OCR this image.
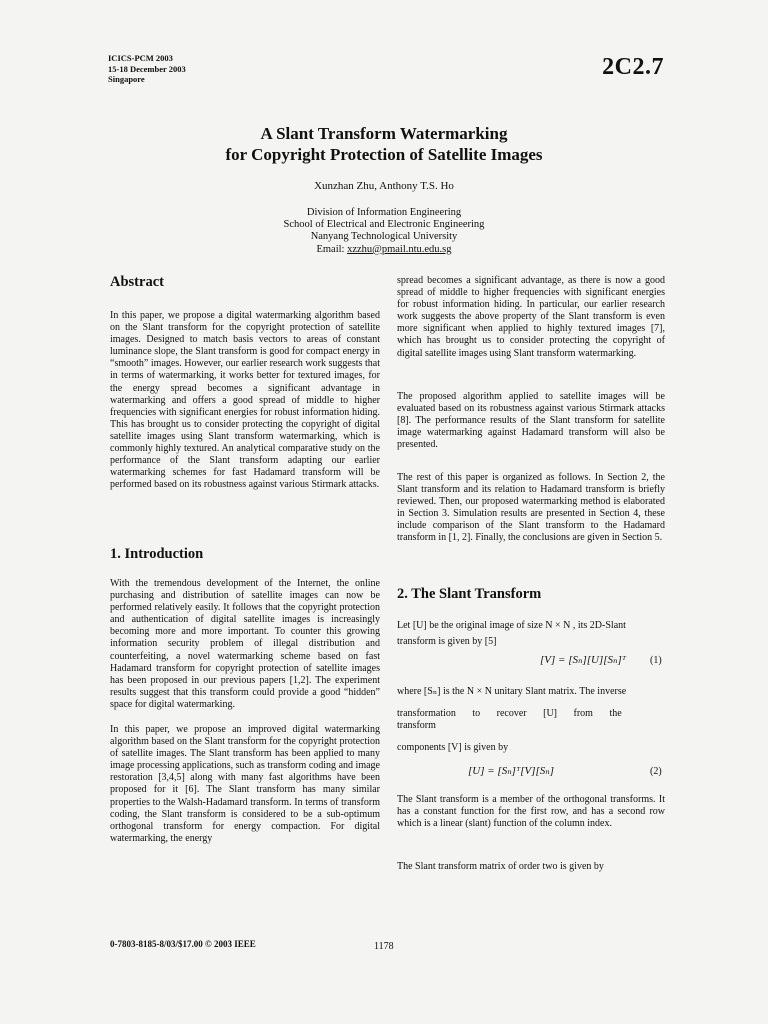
ICICS-PCM 2003
15-18 December 2003
Singapore	2C2.7
A Slant Transform Watermarking
for Copyright Protection of Satellite Images
Xunzhan Zhu, Anthony T.S. Ho
Division of Information Engineering
School of Electrical and Electronic Engineering
Nanyang Technological University
Email: xzzhu@pmail.ntu.edu.sg
Abstract

In this paper, we propose a digital watermarking algorithm based on the Slant transform for the copyright protection of satellite images. Designed to match basis vectors to areas of constant luminance slope, the Slant transform is good for compact energy in “smooth” images. However, our earlier research work suggests that in terms of watermarking, it works better for textured images, for the energy spread becomes a significant advantage in watermarking and offers a good spread of middle to higher frequencies with significant energies for robust information hiding. This has brought us to consider protecting the copyright of digital satellite images using Slant transform watermarking, which is commonly highly textured. An analytical comparative study on the performance of the Slant transform adapting our earlier watermarking schemes for fast Hadamard transform will be performed based on its robustness against various Stirmark attacks.

1. Introduction

With the tremendous development of the Internet, the online purchasing and distribution of satellite images can now be performed relatively easily. It follows that the copyright protection and authentication of digital satellite images is increasingly becoming more and more important. To counter this growing information security problem of illegal distribution and counterfeiting, a novel watermarking scheme based on fast Hadamard transform for copyright protection of satellite images has been proposed in our previous papers [1,2]. The experiment results suggest that this transform could provide a good “hidden” space for digital watermarking.

In this paper, we propose an improved digital watermarking algorithm based on the Slant transform for the copyright protection of satellite images. The Slant transform has been applied to many image processing applications, such as transform coding and image restoration [3,4,5] along with many fast algorithms have been proposed for it [6]. The Slant transform has many similar properties to the Walsh-Hadamard transform. In terms of transform coding, the Slant transform is considered to be a sub-optimum orthogonal transform for energy compaction. For digital watermarking, the energy

spread becomes a significant advantage, as there is now a good spread of middle to higher frequencies with significant energies for robust information hiding. In particular, our earlier research work suggests the above property of the Slant transform is even more significant when applied to highly textured images [7], which has brought us to consider protecting the copyright of digital satellite images using Slant transform watermarking.

The proposed algorithm applied to satellite images will be evaluated based on its robustness against various Stirmark attacks [8]. The performance results of the Slant transform for satellite image watermarking against Hadamard transform will also be presented.

The rest of this paper is organized as follows. In Section 2, the Slant transform and its relation to Hadamard transform is briefly reviewed. Then, our proposed watermarking method is elaborated in Section 3. Simulation results are presented in Section 4, these include comparison of the Slant transform to the Hadamard transform in [1, 2]. Finally, the conclusions are given in Section 5.

2. The Slant Transform

Let [U] be the original image of size N × N , its 2D-Slant

transform is given by [5]

[V] = [Sₙ][U][Sₙ]ᵀ (1)

where [Sₙ] is the N × N unitary Slant matrix. The inverse

transformation to recover [U] from the transform

components [V] is given by

[U] = [Sₙ]ᵀ[V][Sₙ]	(2)

The Slant transform is a member of the orthogonal transforms. It has a constant function for the first row, and has a second row which is a linear (slant) function of the column index.

The Slant transform matrix of order two is given by

0-7803-8185-8/03/$17.00 © 2003 IEEE	1178
